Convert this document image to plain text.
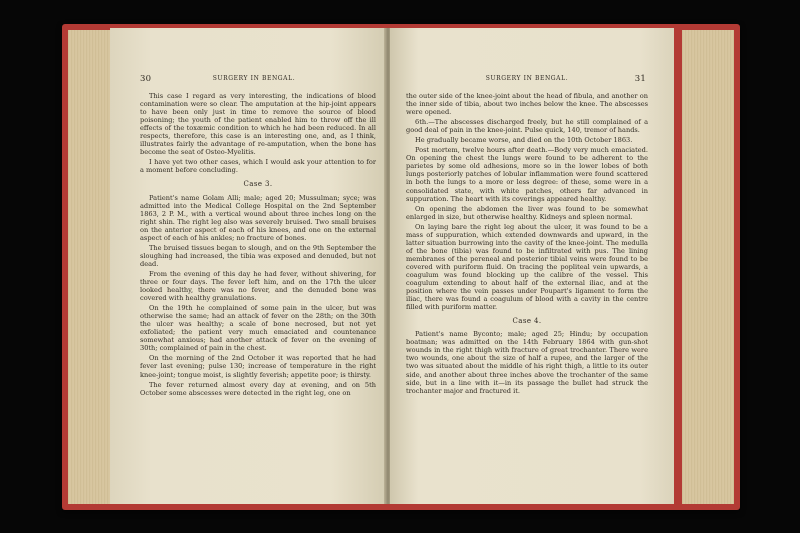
30	SURGERY IN BENGAL.

This case I regard as very interesting, the indications of blood contamination were so clear. The amputation at the hip-joint appears to have been only just in time to remove the source of blood poisoning; the youth of the patient enabled him to throw off the ill effects of the toxæmic condition to which he had been reduced. In all respects, therefore, this case is an interesting one, and, as I think, illustrates fairly the advantage of re-amputation, when the bone has become the seat of Osteo-Myelitis.

I have yet two other cases, which I would ask your attention to for a moment before concluding.

Case 3.

Patient's name Golam Alli; male; aged 20; Mussulman; syce; was admitted into the Medical College Hospital on the 2nd September 1863, 2 P. M., with a vertical wound about three inches long on the right shin. The right leg also was severely bruised. Two small bruises on the anterior aspect of each of his knees, and one on the external aspect of each of his ankles; no fracture of bones.

The bruised tissues began to slough, and on the 9th September the sloughing had increased, the tibia was exposed and denuded, but not dead.

From the evening of this day he had fever, without shivering, for three or four days. The fever left him, and on the 17th the ulcer looked healthy, there was no fever, and the denuded bone was covered with healthy granulations.

On the 19th he complained of some pain in the ulcer, but was otherwise the same; had an attack of fever on the 28th; on the 30th the ulcer was healthy; a scale of bone necrosed, but not yet exfoliated; the patient very much emaciated and countenance somewhat anxious; had another attack of fever on the evening of 30th; complained of pain in the chest.

On the morning of the 2nd October it was reported that he had fever last evening; pulse 130; increase of temperature in the right knee-joint; tongue moist, is slightly feverish; appetite poor; is thirsty.

The fever returned almost every day at evening, and on 5th October some abscesses were detected in the right leg, one on

SURGERY IN BENGAL.	31

the outer side of the knee-joint about the head of fibula, and another on the inner side of tibia, about two inches below the knee. The abscesses were opened.

6th.—The abscesses discharged freely, but he still complained of a good deal of pain in the knee-joint. Pulse quick, 140, tremor of hands.

He gradually became worse, and died on the 10th October 1863.

Post mortem, twelve hours after death.—Body very much emaciated. On opening the chest the lungs were found to be adherent to the parietes by some old adhesions, more so in the lower lobes of both lungs posteriorly patches of lobular inflammation were found scattered in both the lungs to a more or less degree: of these, some were in a consolidated state, with white patches, others far advanced in suppuration. The heart with its coverings appeared healthy.

On opening the abdomen the liver was found to be somewhat enlarged in size, but otherwise healthy. Kidneys and spleen normal.

On laying bare the right leg about the ulcer, it was found to be a mass of suppuration, which extended downwards and upward, in the latter situation burrowing into the cavity of the knee-joint. The medulla of the bone (tibia) was found to be infiltrated with pus. The lining membranes of the pereneal and posterior tibial veins were found to be covered with puriform fluid. On tracing the popliteal vein upwards, a coagulum was found blocking up the calibre of the vessel. This coagulum extending to about half of the external iliac, and at the position where the vein passes under Poupart's ligament to form the iliac, there was found a coagulum of blood with a cavity in the centre filled with puriform matter.

Case 4.

Patient's name Byconto; male; aged 25; Hindu; by occupation boatman; was admitted on the 14th February 1864 with gun-shot wounds in the right thigh with fracture of great trochanter. There were two wounds, one about the size of half a rupee, and the larger of the two was situated about the middle of his right thigh, a little to its outer side, and another about three inches above the trochanter of the same side, but in a line with it—in its passage the bullet had struck the trochanter major and fractured it.
